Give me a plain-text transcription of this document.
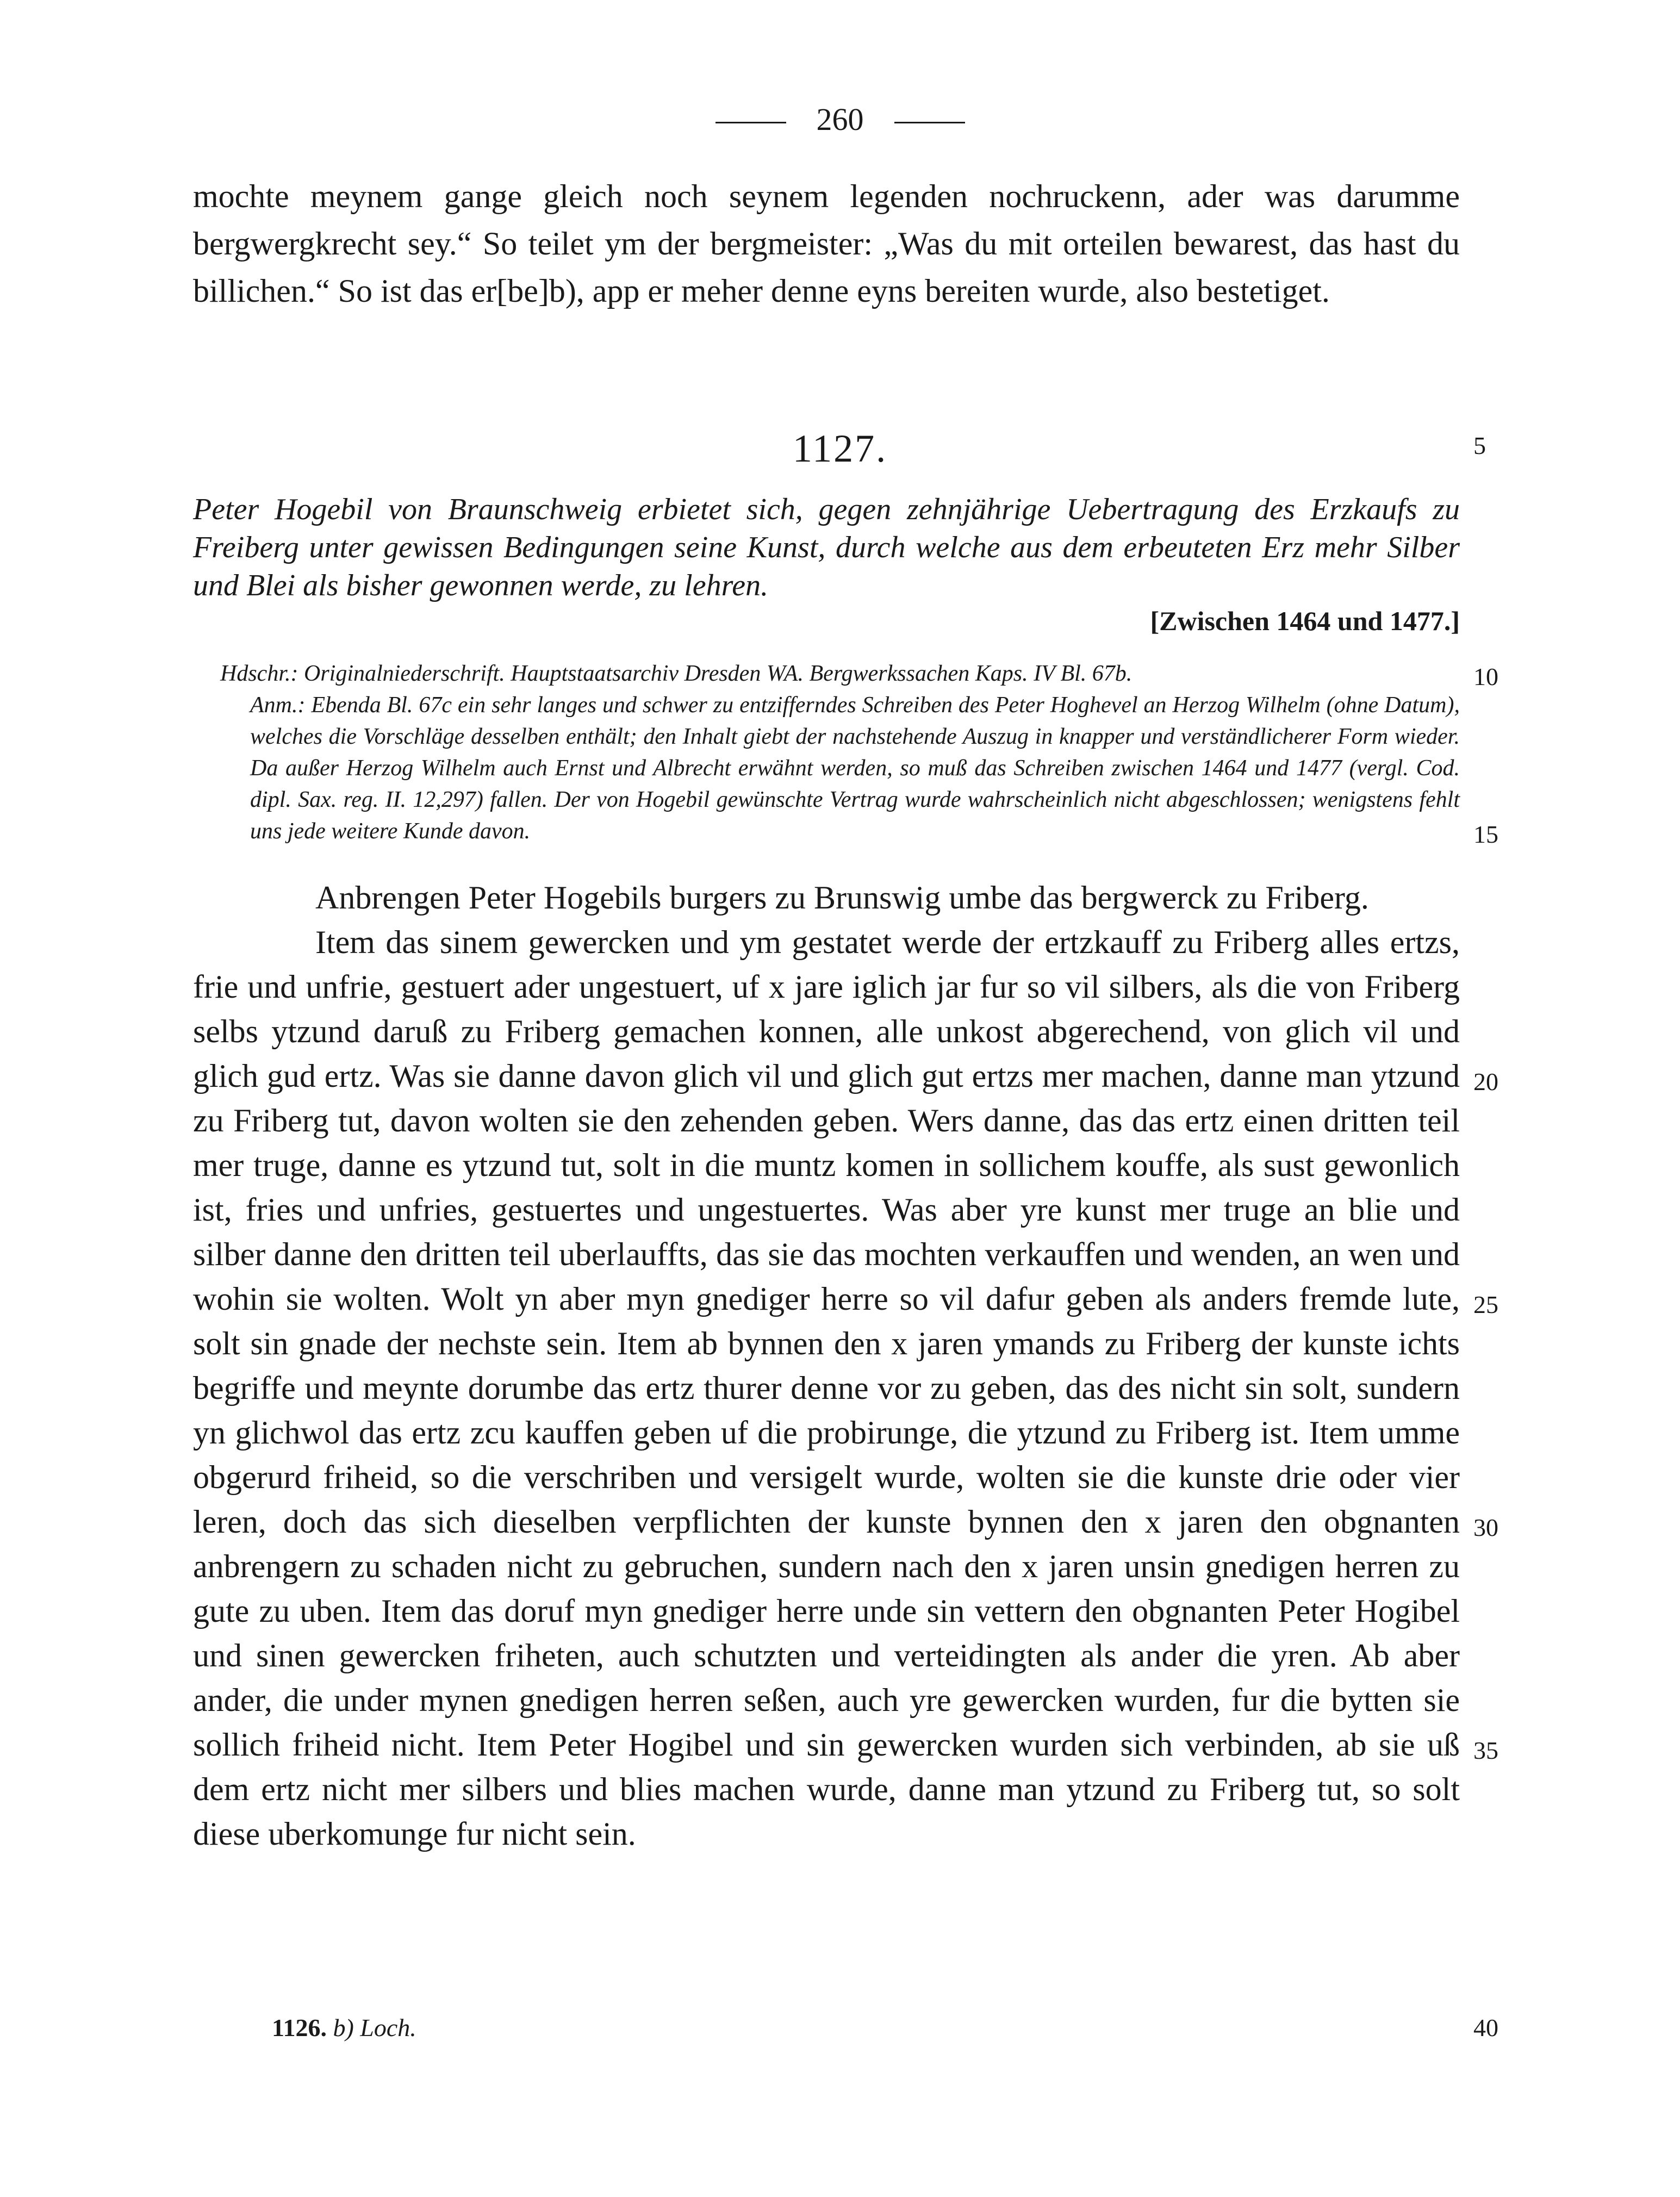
260

mochte meynem gange gleich noch seynem legenden nochruckenn, ader was darumme bergwergkrecht sey.“ So teilet ym der bergmeister: „Was du mit orteilen bewarest, das hast du billichen.“ So ist das er[be]b), app er meher denne eyns bereiten wurde, also bestetiget.

1127.

Peter Hogebil von Braunschweig erbietet sich, gegen zehnjährige Uebertragung des Erzkaufs zu Freiberg unter gewissen Bedingungen seine Kunst, durch welche aus dem erbeuteten Erz mehr Silber und Blei als bisher gewonnen werde, zu lehren.

[Zwischen 1464 und 1477.]

Hdschr.: Originalniederschrift. Hauptstaatsarchiv Dresden WA. Bergwerkssachen Kaps. IV Bl. 67b.

Anm.: Ebenda Bl. 67c ein sehr langes und schwer zu entzifferndes Schreiben des Peter Hoghevel an Herzog Wilhelm (ohne Datum), welches die Vorschläge desselben enthält; den Inhalt giebt der nachstehende Auszug in knapper und verständlicherer Form wieder. Da außer Herzog Wilhelm auch Ernst und Albrecht erwähnt werden, so muß das Schreiben zwischen 1464 und 1477 (vergl. Cod. dipl. Sax. reg. II. 12,297) fallen. Der von Hogebil gewünschte Vertrag wurde wahrscheinlich nicht abgeschlossen; wenigstens fehlt uns jede weitere Kunde davon.

Anbrengen Peter Hogebils burgers zu Brunswig umbe das bergwerck zu Friberg.

Item das sinem gewercken und ym gestatet werde der ertzkauff zu Friberg alles ertzs, frie und unfrie, gestuert ader ungestuert, uf x jare iglich jar fur so vil silbers, als die von Friberg selbs ytzund daruß zu Friberg gemachen konnen, alle unkost abgerechend, von glich vil und glich gud ertz. Was sie danne davon glich vil und glich gut ertzs mer machen, danne man ytzund zu Friberg tut, davon wolten sie den zehenden geben. Wers danne, das das ertz einen dritten teil mer truge, danne es ytzund tut, solt in die muntz komen in sollichem kouffe, als sust gewonlich ist, fries und unfries, gestuertes und ungestuertes. Was aber yre kunst mer truge an blie und silber danne den dritten teil uberlauffts, das sie das mochten verkauffen und wenden, an wen und wohin sie wolten. Wolt yn aber myn gnediger herre so vil dafur geben als anders fremde lute, solt sin gnade der nechste sein. Item ab bynnen den x jaren ymands zu Friberg der kunste ichts begriffe und meynte dorumbe das ertz thurer denne vor zu geben, das des nicht sin solt, sundern yn glichwol das ertz zcu kauffen geben uf die probirunge, die ytzund zu Friberg ist. Item umme obgerurd friheid, so die verschriben und versigelt wurde, wolten sie die kunste drie oder vier leren, doch das sich dieselben verpflichten der kunste bynnen den x jaren den obgnanten anbrengern zu schaden nicht zu gebruchen, sundern nach den x jaren unsin gnedigen herren zu gute zu uben. Item das doruf myn gnediger herre unde sin vettern den obgnanten Peter Hogibel und sinen gewercken friheten, auch schutzten und verteidingten als ander die yren. Ab aber ander, die under mynen gnedigen herren seßen, auch yre gewercken wurden, fur die bytten sie sollich friheid nicht. Item Peter Hogibel und sin gewercken wurden sich verbinden, ab sie uß dem ertz nicht mer silbers und blies machen wurde, danne man ytzund zu Friberg tut, so solt diese uberkomunge fur nicht sein.

5
10
15
20
25
30
35
40
1126. b) Loch.
